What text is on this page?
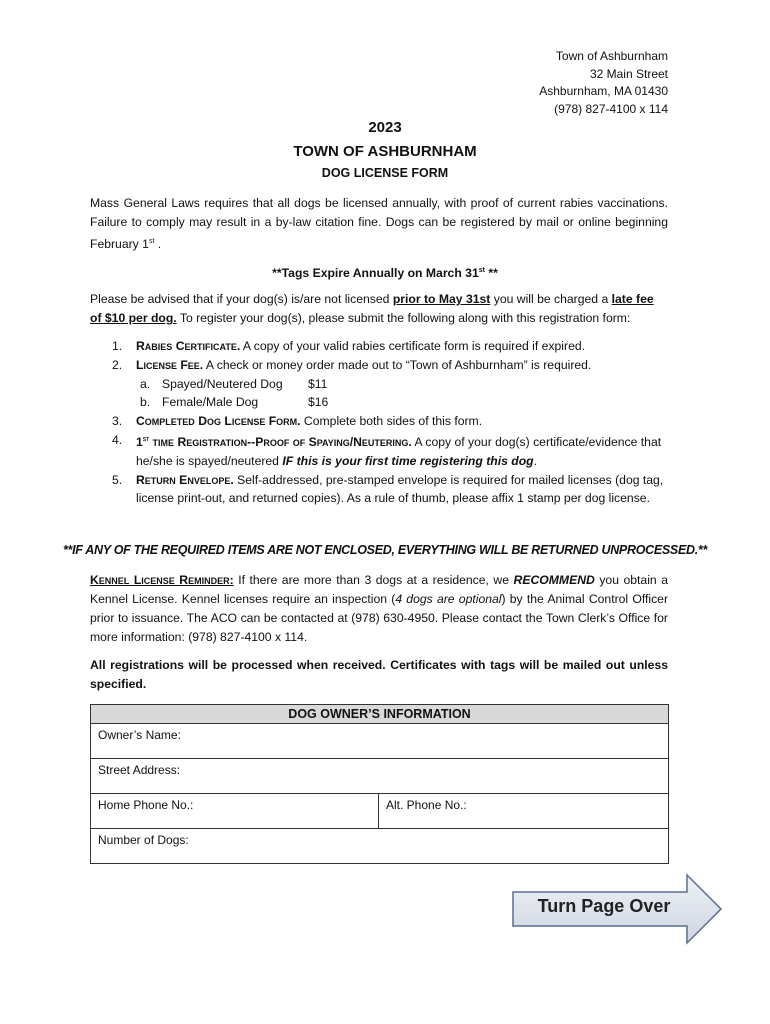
Town of Ashburnham
32 Main Street
Ashburnham, MA 01430
(978) 827-4100 x 114
2023
TOWN OF ASHBURNHAM
DOG LICENSE FORM
Mass General Laws requires that all dogs be licensed annually, with proof of current rabies vaccinations. Failure to comply may result in a by-law citation fine. Dogs can be registered by mail or online beginning February 1st .
**Tags Expire Annually on March 31st **
Please be advised that if your dog(s) is/are not licensed prior to May 31st you will be charged a late fee of $10 per dog. To register your dog(s), please submit the following along with this registration form:
1. Rabies Certificate. A copy of your valid rabies certificate form is required if expired.
2. License Fee. A check or money order made out to “Town of Ashburnham” is required.
a. Spayed/Neutered Dog $11
b. Female/Male Dog	$16
3. Completed Dog License Form. Complete both sides of this form.
4. 1st time Registration--Proof of Spaying/Neutering. A copy of your dog(s) certificate/evidence that he/she is spayed/neutered IF this is your first time registering this dog.
5. Return Envelope. Self-addressed, pre-stamped envelope is required for mailed licenses (dog tag, license print-out, and returned copies). As a rule of thumb, please affix 1 stamp per dog license.
**IF ANY OF THE REQUIRED ITEMS ARE NOT ENCLOSED, EVERYTHING WILL BE RETURNED UNPROCESSED.**
Kennel License Reminder: If there are more than 3 dogs at a residence, we RECOMMEND you obtain a Kennel License. Kennel licenses require an inspection (4 dogs are optional) by the Animal Control Officer prior to issuance. The ACO can be contacted at (978) 630-4950. Please contact the Town Clerk’s Office for more information: (978) 827-4100 x 114.
All registrations will be processed when received. Certificates with tags will be mailed out unless specified.
DOG OWNER’S INFORMATION
Owner’s Name:
Street Address:
Home Phone No.:	Alt. Phone No.:
Number of Dogs:
Turn Page Over
